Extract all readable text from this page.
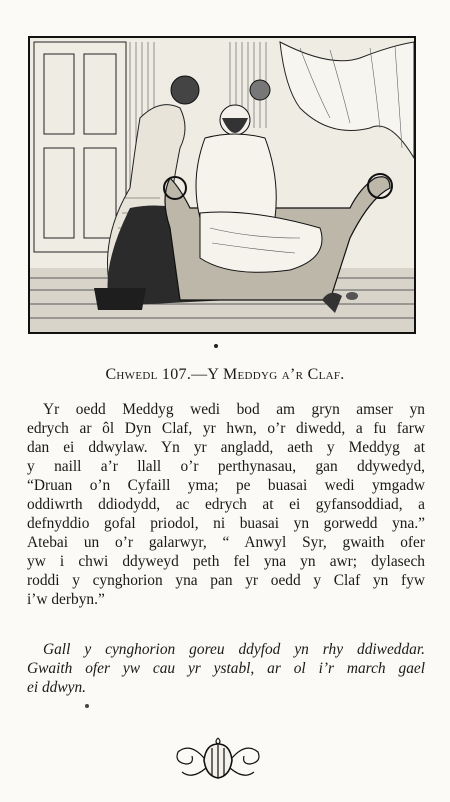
Chwedl 107.—Y Meddyg a’r Claf.
Yr oedd Meddyg wedi bod am gryn amser yn
edrych ar ôl Dyn Claf, yr hwn, o’r diwedd, a fu farw
dan ei ddwylaw. Yn yr angladd, aeth y Meddyg at
y naill a’r llall o’r perthynasau, gan ddywedyd,
“Druan o’n Cyfaill yma; pe buasai wedi ymgadw
oddiwrth ddiodydd, ac edrych at ei gyfansoddiad, a
defnyddio gofal priodol, ni buasai yn gorwedd yna.”
Atebai un o’r galarwyr, “ Anwyl Syr, gwaith ofer
yw i chwi ddyweyd peth fel yna yn awr; dylasech
roddi y cynghorion yna pan yr oedd y Claf yn fyw
i’w derbyn.”
Gall y cynghorion goreu ddyfod yn rhy ddiweddar.
Gwaith ofer yw cau yr ystabl, ar ol i’r march gael
ei ddwyn.
